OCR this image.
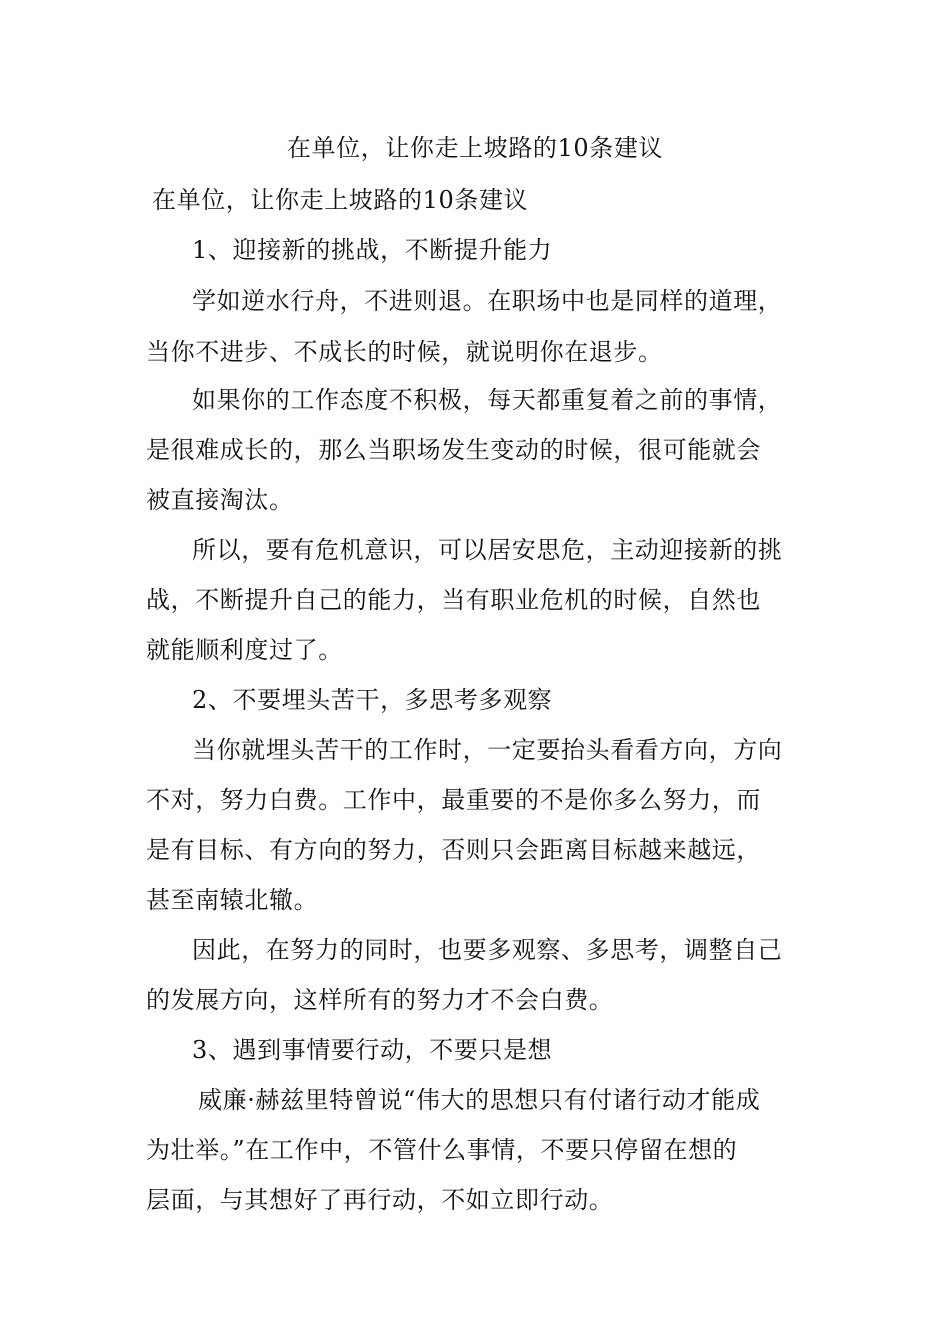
在单位，让你走上坡路的10条建议
在单位，让你走上坡路的10条建议
1、迎接新的挑战，不断提升能力
学如逆水行舟，不进则退。在职场中也是同样的道理，
当你不进步、不成长的时候，就说明你在退步。
如果你的工作态度不积极，每天都重复着之前的事情，
是很难成长的，那么当职场发生变动的时候，很可能就会
被直接淘汰。
所以，要有危机意识，可以居安思危，主动迎接新的挑
战，不断提升自己的能力，当有职业危机的时候，自然也
就能顺利度过了。
2、不要埋头苦干，多思考多观察
当你就埋头苦干的工作时，一定要抬头看看方向，方向
不对，努力白费。工作中，最重要的不是你多么努力，而
是有目标、有方向的努力，否则只会距离目标越来越远，
甚至南辕北辙。
因此，在努力的同时，也要多观察、多思考，调整自己
的发展方向，这样所有的努力才不会白费。
3、遇到事情要行动，不要只是想
威廉·赫兹里特曾说“伟大的思想只有付诸行动才能成
为壮举。”在工作中，不管什么事情，不要只停留在想的
层面，与其想好了再行动，不如立即行动。
